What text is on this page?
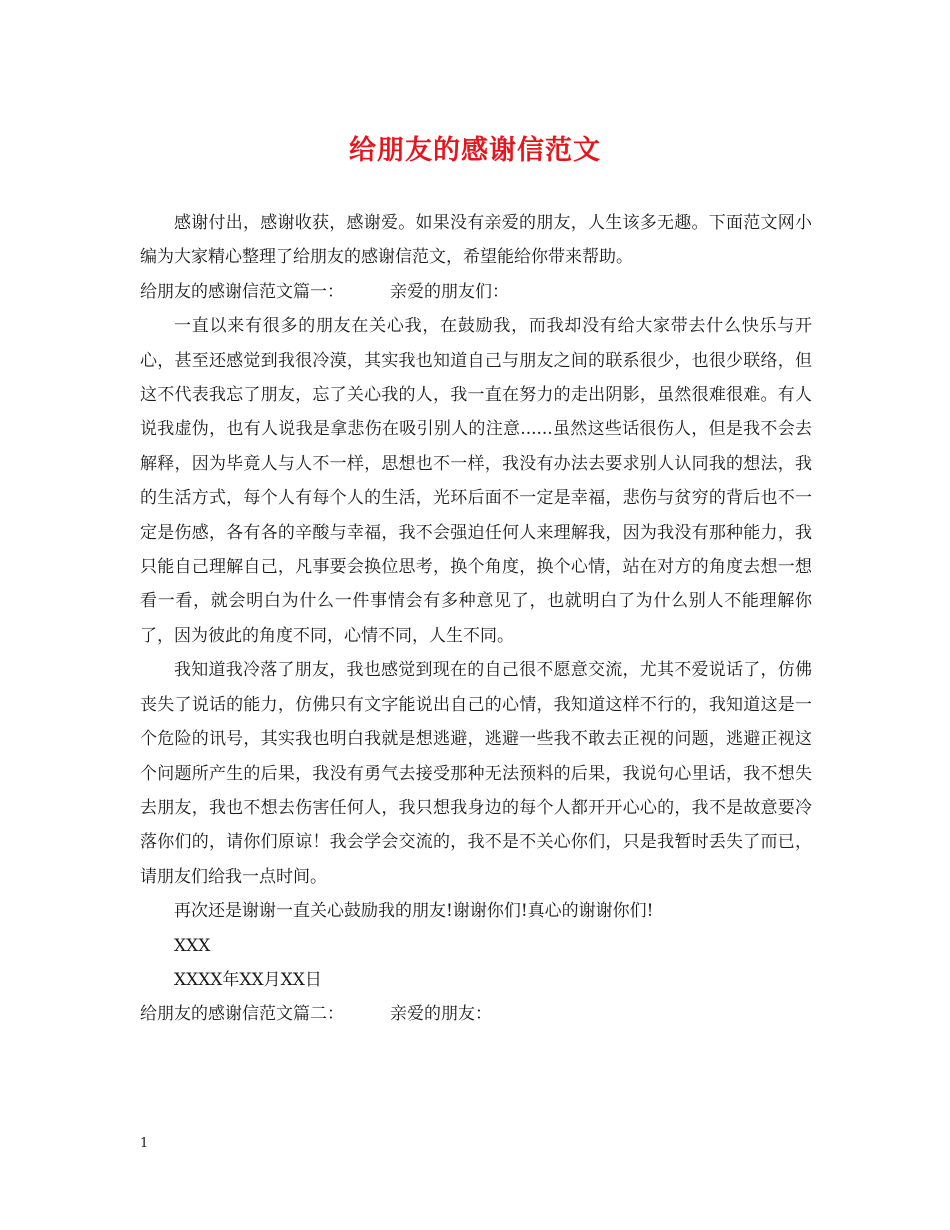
给朋友的感谢信范文

感谢付出，感谢收获，感谢爱。如果没有亲爱的朋友，人生该多无趣。下面范文网小编为大家精心整理了给朋友的感谢信范文，希望能给你带来帮助。

给朋友的感谢信范文篇一：	亲爱的朋友们：

一直以来有很多的朋友在关心我，在鼓励我，而我却没有给大家带去什么快乐与开心，甚至还感觉到我很冷漠，其实我也知道自己与朋友之间的联系很少，也很少联络，但这不代表我忘了朋友，忘了关心我的人，我一直在努力的走出阴影，虽然很难很难。有人说我虚伪，也有人说我是拿悲伤在吸引别人的注意......虽然这些话很伤人，但是我不会去解释，因为毕竟人与人不一样，思想也不一样，我没有办法去要求别人认同我的想法，我的生活方式，每个人有每个人的生活，光环后面不一定是幸福，悲伤与贫穷的背后也不一定是伤感，各有各的辛酸与幸福，我不会强迫任何人来理解我，因为我没有那种能力，我只能自己理解自己，凡事要会换位思考，换个角度，换个心情，站在对方的角度去想一想看一看，就会明白为什么一件事情会有多种意见了，也就明白了为什么别人不能理解你了，因为彼此的角度不同，心情不同，人生不同。

我知道我冷落了朋友，我也感觉到现在的自己很不愿意交流，尤其不爱说话了，仿佛丧失了说话的能力，仿佛只有文字能说出自己的心情，我知道这样不行的，我知道这是一个危险的讯号，其实我也明白我就是想逃避，逃避一些我不敢去正视的问题，逃避正视这个问题所产生的后果，我没有勇气去接受那种无法预料的后果，我说句心里话，我不想失去朋友，我也不想去伤害任何人，我只想我身边的每个人都开开心心的，我不是故意要冷落你们的，请你们原谅！我会学会交流的，我不是不关心你们，只是我暂时丢失了而已，请朋友们给我一点时间。

再次还是谢谢一直关心鼓励我的朋友!谢谢你们!真心的谢谢你们!

XXX

XXXX年XX月XX日

给朋友的感谢信范文篇二：	亲爱的朋友：

1
